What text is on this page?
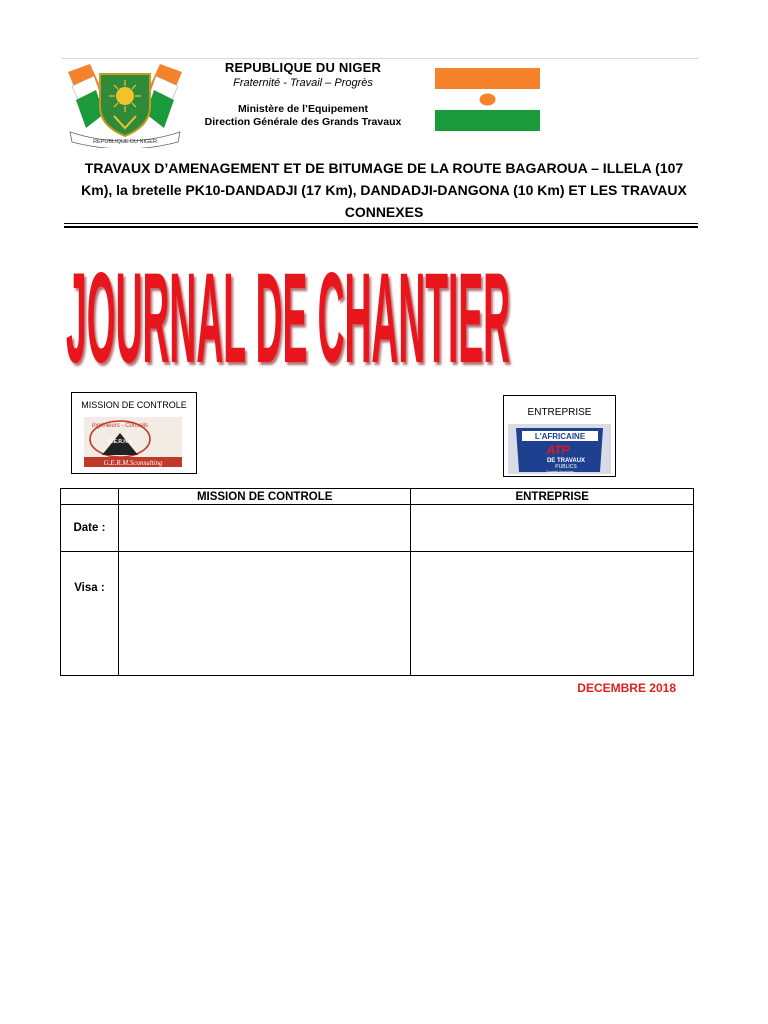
REPUBLIQUE DU NIGER
REPUBLIQUE DU NIGER
Fraternité - Travail – Progrès
Ministère de l’Equipement
Direction Générale des Grands Travaux
TRAVAUX D’AMENAGEMENT ET DE BITUMAGE DE LA ROUTE BAGAROUA – ILLELA (107
Km), la bretelle PK10-DANDADJI (17 Km), DANDADJI-DANGONA (10 Km) ET LES TRAVAUX
CONNEXES
JOURNAL DE CHANTIER
MISSION DE CONTROLE
Ingénieurs - Conseils
G.E.R.H.S
G.E.R.M.Sconsulting
ENTREPRISE
L'AFRICAINE
ATP
DE TRAVAUX
PUBLICS
Société Anonyme
	MISSION DE CONTROLE	ENTREPRISE
Date :		
Visa :		
DECEMBRE 2018
